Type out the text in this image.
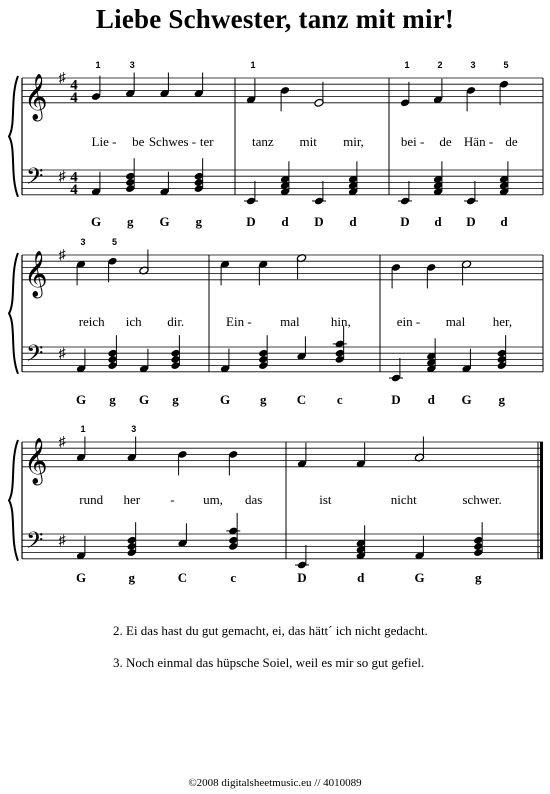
Liebe Schwester, tanz mit mir!
𝄞
𝄢
♯
♯
4
4
4
4
1	3
Lie - be Schwes - ter
G g G g
1
tanz mit mir,
D d D d
1	2	3	5
bei - de Hän - de
D d D d
𝄞
𝄢
♯
♯
3	5
reich ich dir.
G g G g
Ein - mal hin,
G g C c
ein - mal her,
D d G g
𝄞
𝄢
♯
♯
1	3
rund her - um, das
G	g	C	c
ist	nicht	schwer.
D	d	G	g
2. Ei das hast du gut gemacht, ei, das hätt´ ich nicht gedacht.
3. Noch einmal das hüpsche Soiel, weil es mir so gut gefiel.
©2008 digitalsheetmusic.eu // 4010089
